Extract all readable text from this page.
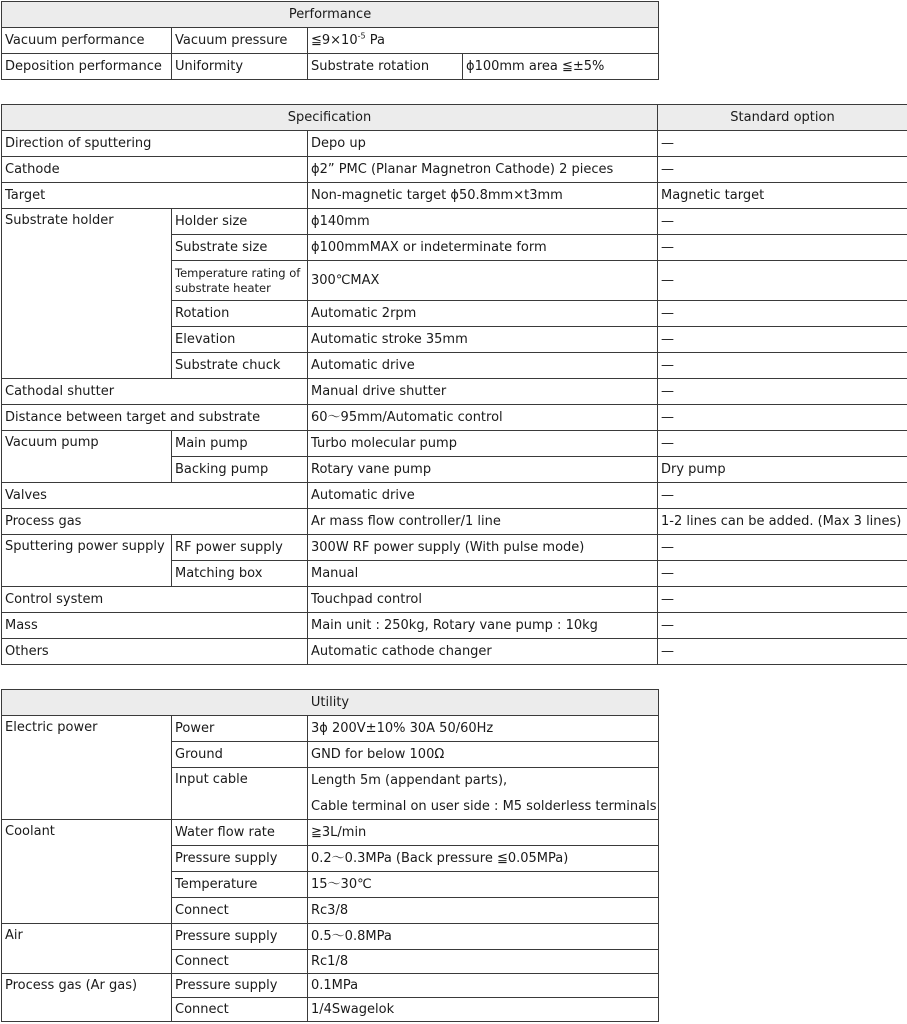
Performance			
Vacuum performance	Vacuum pressure	$≦9\times 10^{-5}$ Pa	
Deposition performance	Uniformity	Substrate rotation	ϕ100mm area ≦±5%
Specification			Standard option
Direction of sputtering		Depo up	—
Cathode		ϕ2” PMC (Planar Magnetron Cathode) 2 pieces	—
Target		Non-magnetic target ϕ50.8mm×t3mm	Magnetic target
Substrate holder	Holder size	ϕ140mm	—
	Substrate size	ϕ100mmMAX or indeterminate form	—
	Temperature rating of substrate heater	300℃MAX	—
	Rotation	Automatic 2rpm	—
	Elevation	Automatic stroke 35mm	—
	Substrate chuck	Automatic drive	—
Cathodal shutter		Manual drive shutter	—
Distance between target and substrate		60～95mm/Automatic control	—
Vacuum pump	Main pump	Turbo molecular pump	—
	Backing pump	Rotary vane pump	Dry pump
Valves		Automatic drive	—
Process gas		Ar mass flow controller/1 line	1-2 lines can be added. (Max 3 lines)
Sputtering power supply	RF power supply	300W RF power supply (With pulse mode)	—
	Matching box	Manual	—
Control system		Touchpad control	—
Mass		Main unit : 250kg, Rotary vane pump : 10kg	—
Others		Automatic cathode changer	—
Utility		
Electric power	Power	3ϕ 200V±10% 30A 50/60Hz
	Ground	GND for below 100Ω
	Input cable	Length 5m (appendant parts),
		Cable terminal on user side : M5 solderless terminals

Coolant	Water flow rate	≧3L/min
	Pressure supply	0.2～0.3MPa (Back pressure ≦0.05MPa)
	Temperature	15～30℃
	Connect	Rc3/8
Air	Pressure supply	0.5～0.8MPa
	Connect	Rc1/8
Process gas (Ar gas)	Pressure supply	0.1MPa
	Connect	1/4Swagelok
